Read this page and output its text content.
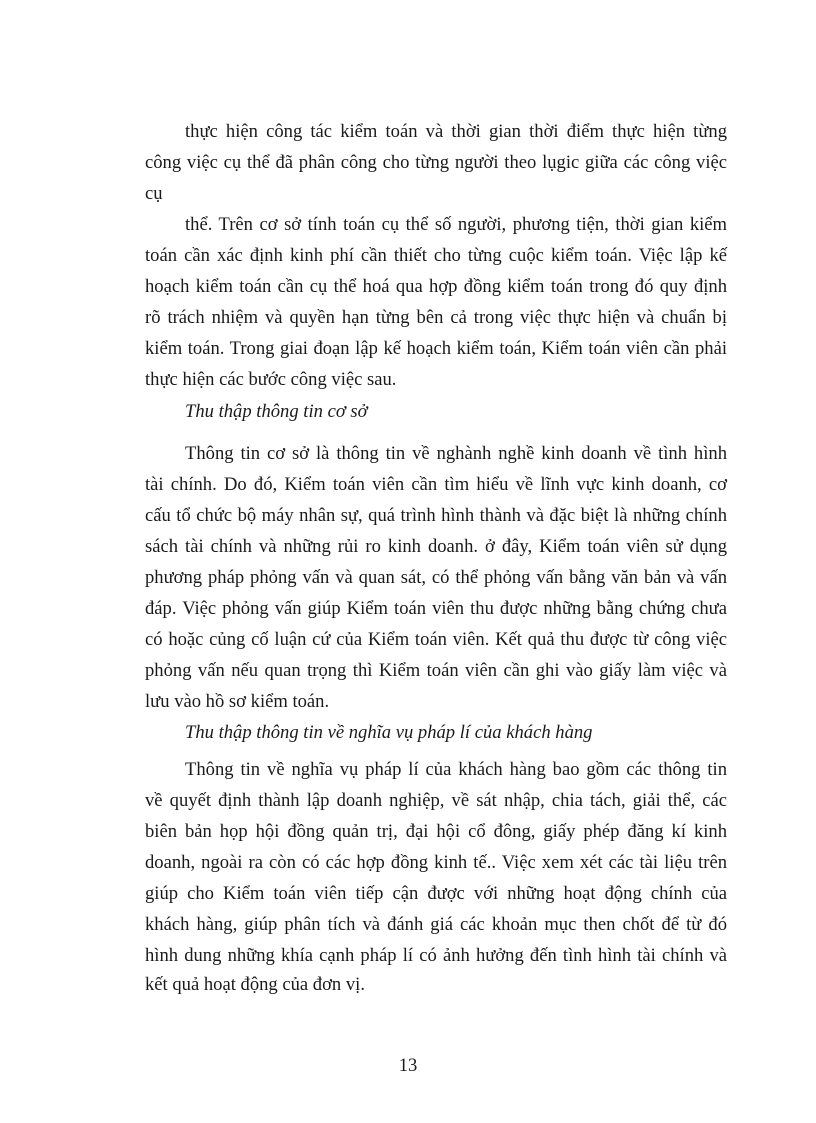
thực hiện công tác kiểm toán và thời gian thời điểm thực hiện từng
công việc cụ thể đã phân công cho từng người theo lụgic giữa các công việc
cụ
thể. Trên cơ sở tính toán cụ thể số người, phương tiện, thời gian kiểm
toán cần xác định kinh phí cần thiết cho từng cuộc kiểm toán. Việc lập kế
hoạch kiểm toán cần cụ thể hoá qua hợp đồng kiểm toán trong đó quy định
rõ trách nhiệm và quyền hạn từng bên cả trong việc thực hiện và chuẩn bị
kiểm toán. Trong giai đoạn lập kế hoạch kiểm toán, Kiểm toán viên cần phải
thực hiện các bước công việc sau.
Thu thập thông tin cơ sở
Thông tin cơ sở là thông tin về nghành nghề kinh doanh về tình hình
tài chính. Do đó, Kiểm toán viên cần tìm hiểu về lĩnh vực kinh doanh, cơ
cấu tổ chức bộ máy nhân sự, quá trình hình thành và đặc biệt là những chính
sách tài chính và những rủi ro kinh doanh. ở đây, Kiểm toán viên sử dụng
phương pháp phỏng vấn và quan sát, có thể phỏng vấn bằng văn bản và vấn
đáp. Việc phỏng vấn giúp Kiểm toán viên thu được những bằng chứng chưa
có hoặc củng cố luận cứ của Kiểm toán viên. Kết quả thu được từ công việc
phỏng vấn nếu quan trọng thì Kiểm toán viên cần ghi vào giấy làm việc và
lưu vào hồ sơ kiểm toán.
Thu thập thông tin về nghĩa vụ pháp lí của khách hàng
Thông tin về nghĩa vụ pháp lí của khách hàng bao gồm các thông tin
về quyết định thành lập doanh nghiệp, về sát nhập, chia tách, giải thể, các
biên bản họp hội đồng quản trị, đại hội cổ đông, giấy phép đăng kí kinh
doanh, ngoài ra còn có các hợp đồng kinh tế.. Việc xem xét các tài liệu trên
giúp cho Kiểm toán viên tiếp cận được với những hoạt động chính của
khách hàng, giúp phân tích và đánh giá các khoản mục then chốt để từ đó
hình dung những khía cạnh pháp lí có ảnh hưởng đến tình hình tài chính và
kết quả hoạt động của đơn vị.
13
